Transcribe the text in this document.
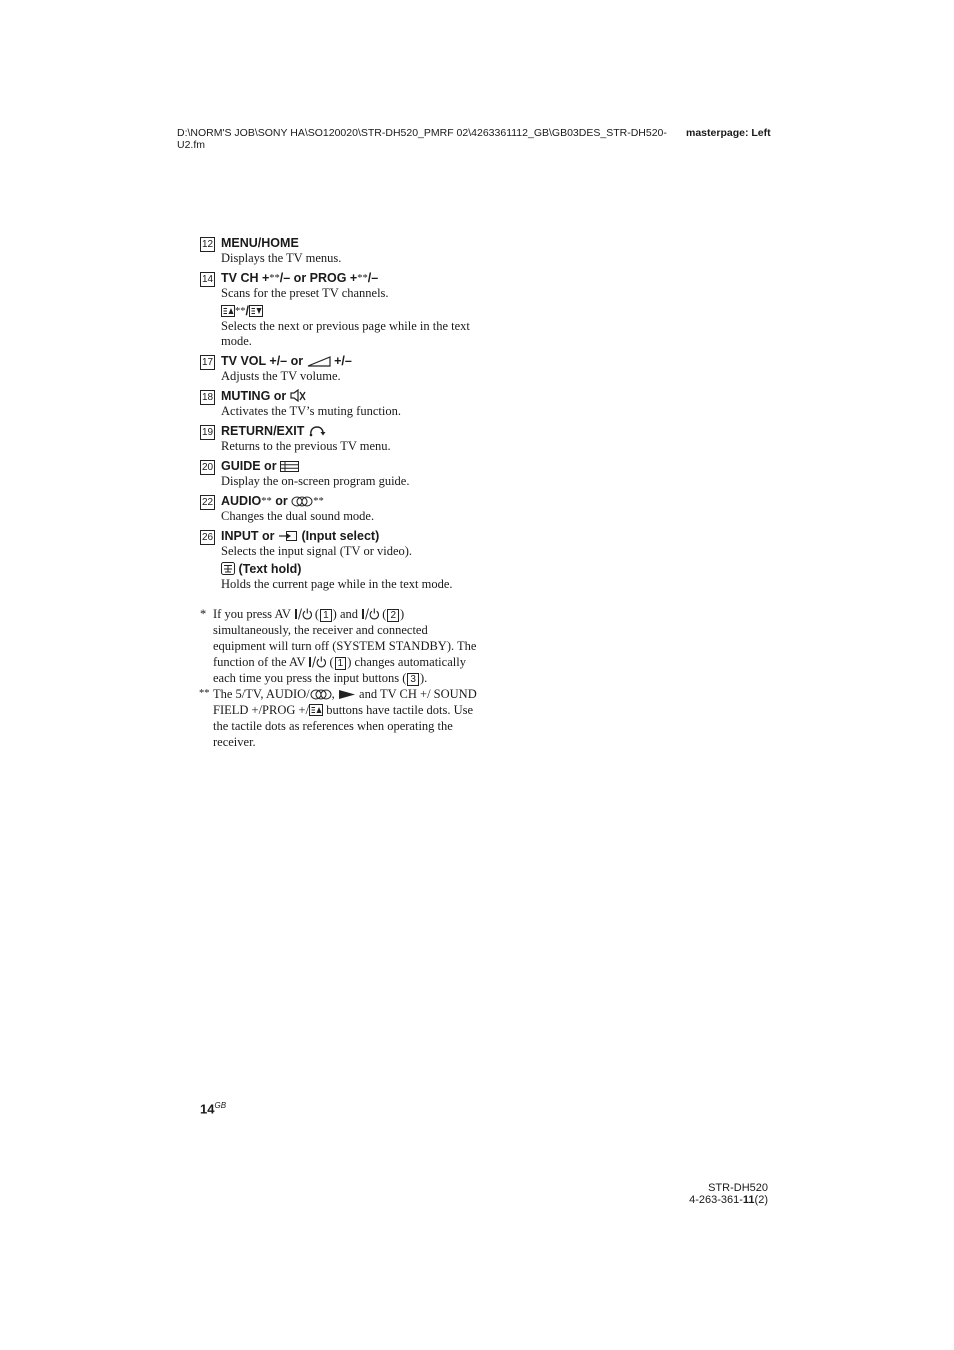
D:\NORM'S JOB\SONY HA\SO120020\STR-DH520_PMRF 02\4263361112_GB\GB03DES_STR-DH520-U2.fm
masterpage: Left
12 MENU/HOME
Displays the TV menus.
14 TV CH +**/– or PROG +**/–
Scans for the preset TV channels.
**/
Selects the next or previous page while in the text mode.
17 TV VOL +/– or +/–
Adjusts the TV volume.
18 MUTING or
Activates the TV’s muting function.
19 RETURN/EXIT
Returns to the previous TV menu.
20 GUIDE or
Display the on-screen program guide.
22 AUDIO** or **
Changes the dual sound mode.
26 INPUT or (Input select)
Selects the input signal (TV or video).
(Text hold)
Holds the current page while in the text mode.
* If you press AV  ( 1 ) and  ( 2 ) simultaneously, the receiver and connected equipment will turn off (SYSTEM STANDBY). The function of the AV  ( 1 ) changes automatically each time you press the input buttons ( 3 ).
** The 5/TV, AUDIO/ , and TV CH +/ SOUND FIELD +/PROG +/ buttons have tactile dots. Use the tactile dots as references when operating the receiver.
$14^{GB}$
STR-DH520
4-263-361-11(2)
